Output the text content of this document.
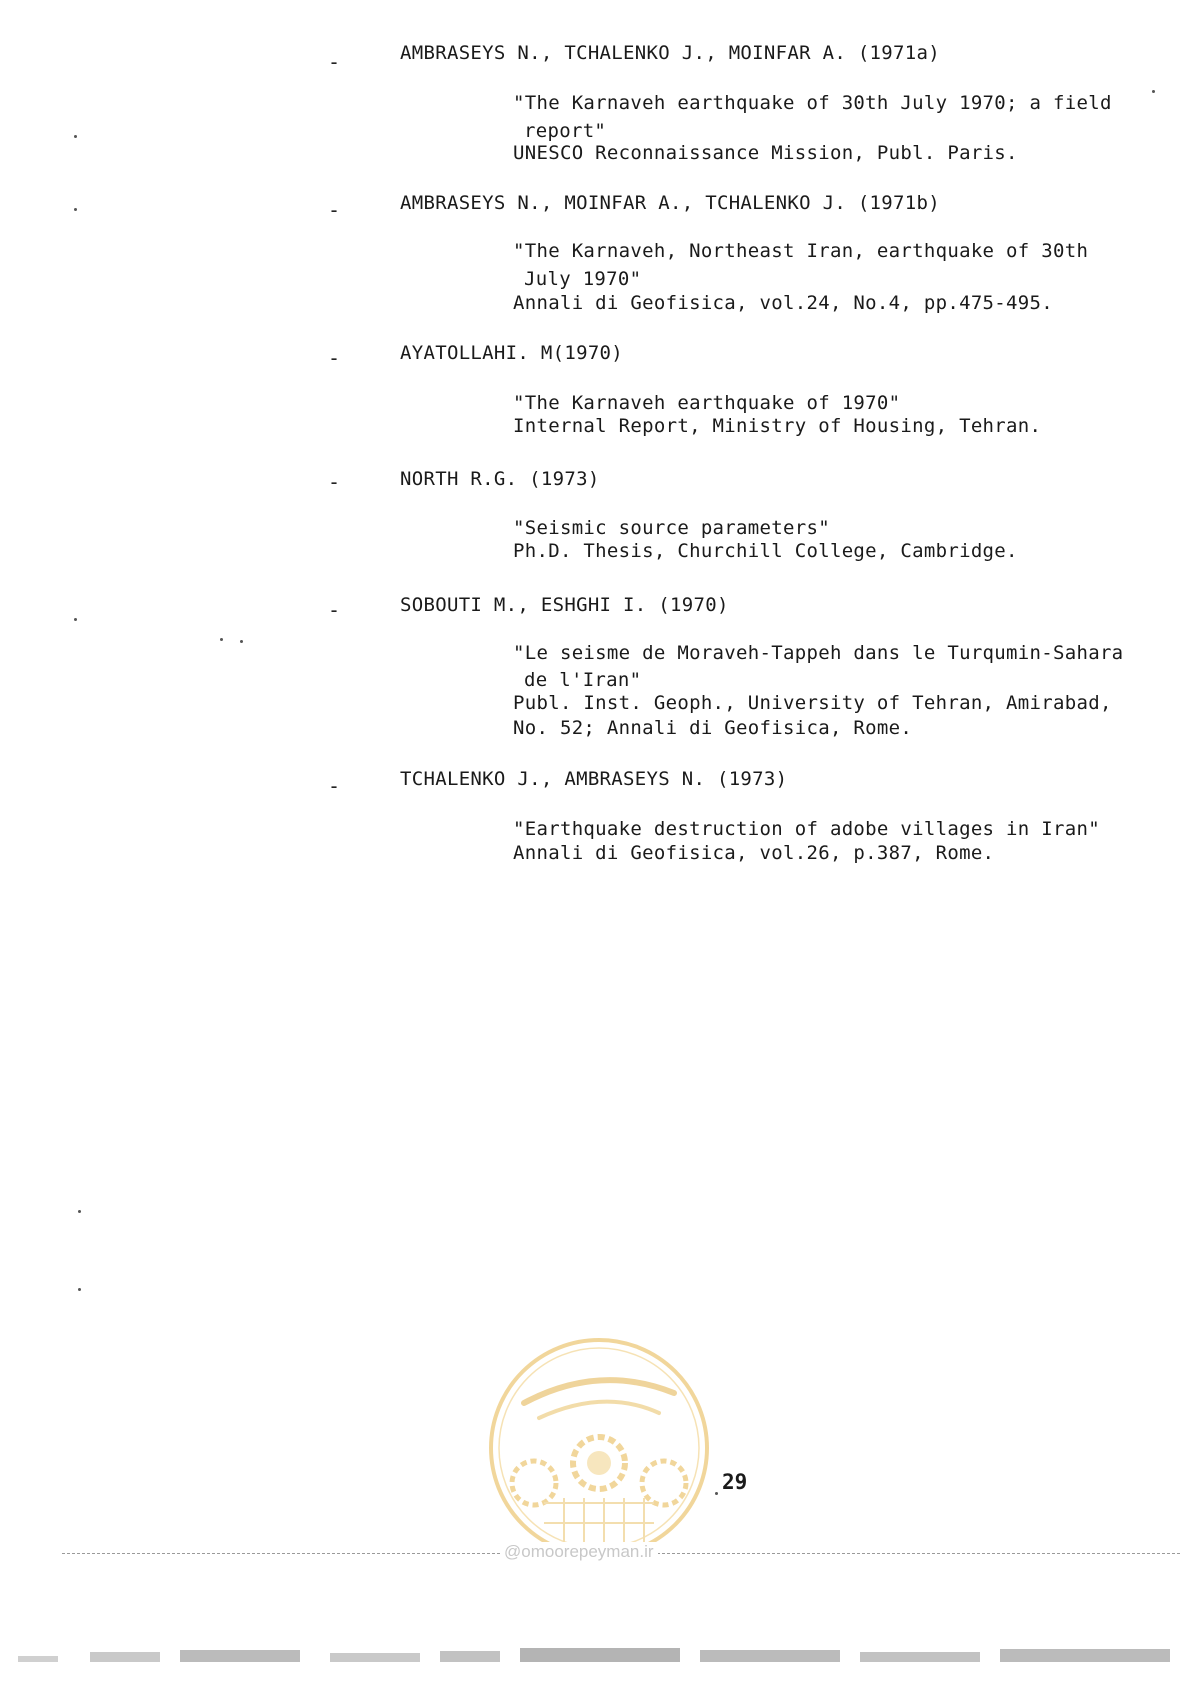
-	AMBRASEYS N., TCHALENKO J., MOINFAR A. (1971a)
"The Karnaveh earthquake of 30th July 1970; a field
report"
UNESCO Reconnaissance Mission, Publ. Paris.
-	AMBRASEYS N., MOINFAR A., TCHALENKO J. (1971b)
"The Karnaveh, Northeast Iran, earthquake of 30th
July 1970"
Annali di Geofisica, vol.24, No.4, pp.475-495.
-	AYATOLLAHI. M(1970)
"The Karnaveh earthquake of 1970"
Internal Report, Ministry of Housing, Tehran.
-	NORTH R.G. (1973)
"Seismic source parameters"
Ph.D. Thesis, Churchill College, Cambridge.
-	SOBOUTI M., ESHGHI I. (1970)
"Le seisme de Moraveh-Tappeh dans le Turqumin-Sahara
de l'Iran"
Publ. Inst. Geoph., University of Tehran, Amirabad,
No. 52; Annali di Geofisica, Rome.
-	TCHALENKO J., AMBRASEYS N. (1973)
"Earthquake destruction of adobe villages in Iran"
Annali di Geofisica, vol.26, p.387, Rome.
29
@omoorepeyman.ir
